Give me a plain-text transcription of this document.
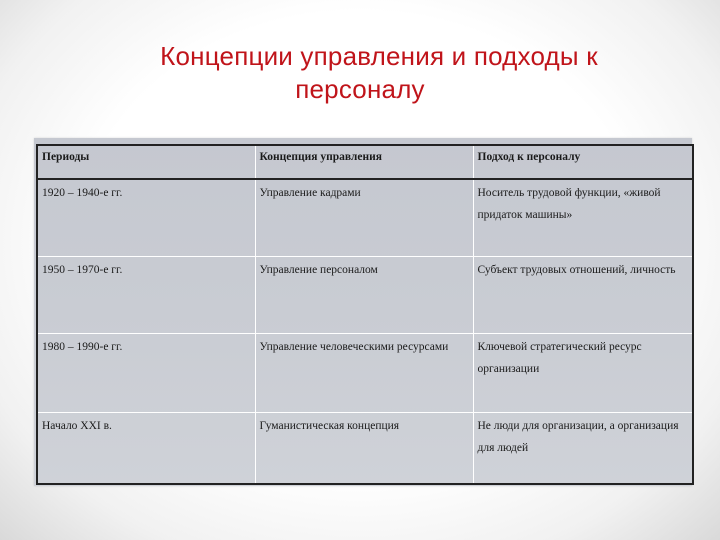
Концепции управления и подходы к
персоналу
Периоды	Концепция управления	Подход к персоналу
1920 – 1940-е гг.	Управление кадрами	Носитель трудовой функции, «живой придаток машины»
1950 – 1970-е гг.	Управление персоналом	Субъект трудовых отношений, личность
1980 – 1990-е гг.	Управление человеческими ресурсами	Ключевой стратегический ресурс организации
Начало XXI в.	Гуманистическая концепция	Не люди для организации, а организация для людей
